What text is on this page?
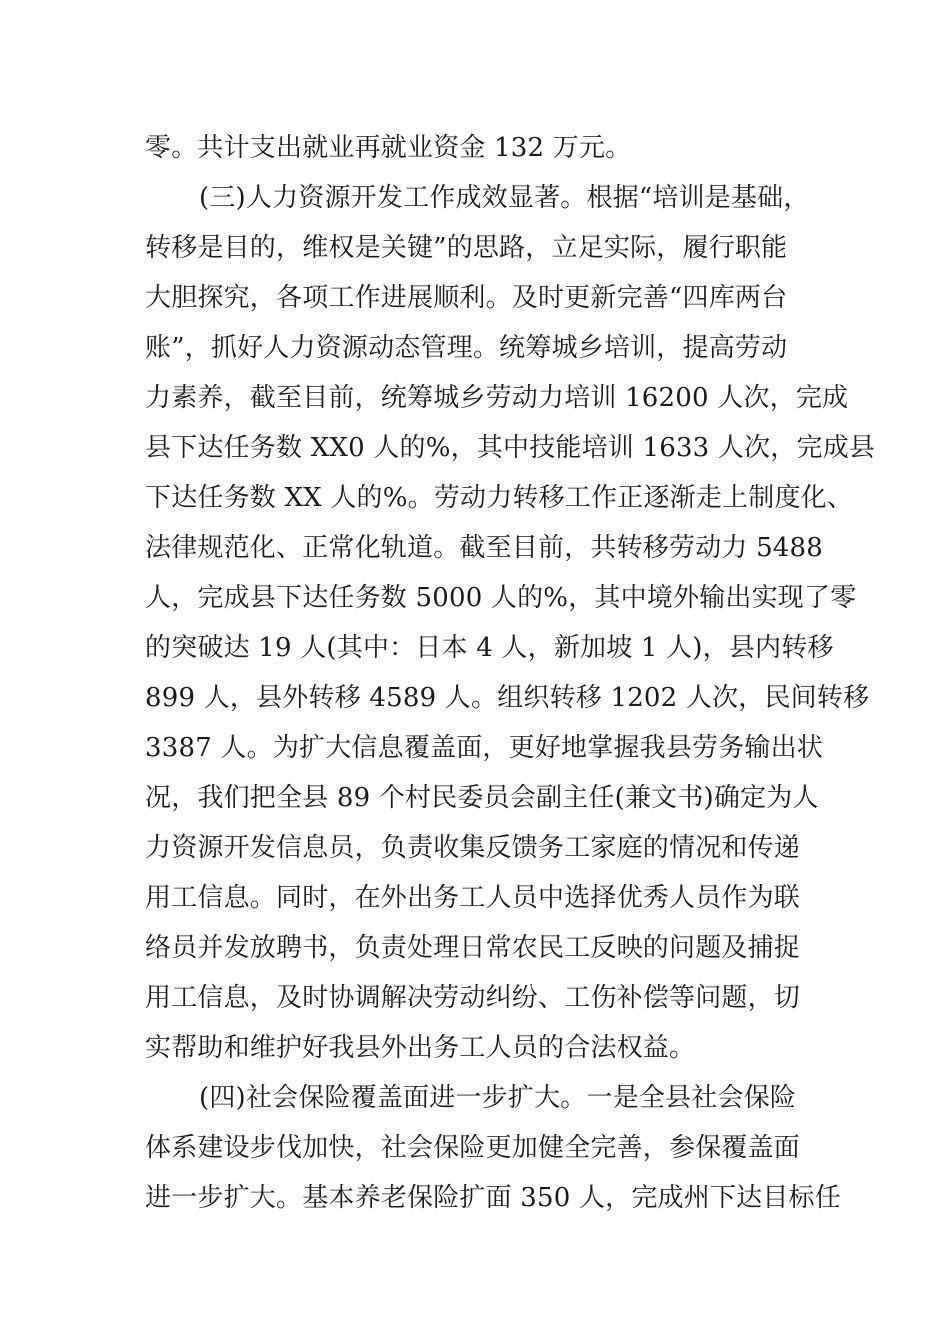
零。共计支出就业再就业资金 132 万元。
(三)人力资源开发工作成效显著。根据“培训是基础，
转移是目的，维权是关键”的思路，立足实际，履行职能
大胆探究，各项工作进展顺利。及时更新完善“四库两台
账”，抓好人力资源动态管理。统筹城乡培训，提高劳动
力素养，截至目前，统筹城乡劳动力培训 16200 人次，完成
县下达任务数 XX0 人的%，其中技能培训 1633 人次，完成县
下达任务数 XX 人的%。劳动力转移工作正逐渐走上制度化、
法律规范化、正常化轨道。截至目前，共转移劳动力 5488
人，完成县下达任务数 5000 人的%，其中境外输出实现了零
的突破达 19 人(其中：日本 4 人，新加坡 1 人)，县内转移
899 人，县外转移 4589 人。组织转移 1202 人次，民间转移
3387 人。为扩大信息覆盖面，更好地掌握我县劳务输出状
况，我们把全县 89 个村民委员会副主任(兼文书)确定为人
力资源开发信息员，负责收集反馈务工家庭的情况和传递
用工信息。同时，在外出务工人员中选择优秀人员作为联
络员并发放聘书，负责处理日常农民工反映的问题及捕捉
用工信息，及时协调解决劳动纠纷、工伤补偿等问题，切
实帮助和维护好我县外出务工人员的合法权益。
(四)社会保险覆盖面进一步扩大。一是全县社会保险
体系建设步伐加快，社会保险更加健全完善，参保覆盖面
进一步扩大。基本养老保险扩面 350 人，完成州下达目标任
